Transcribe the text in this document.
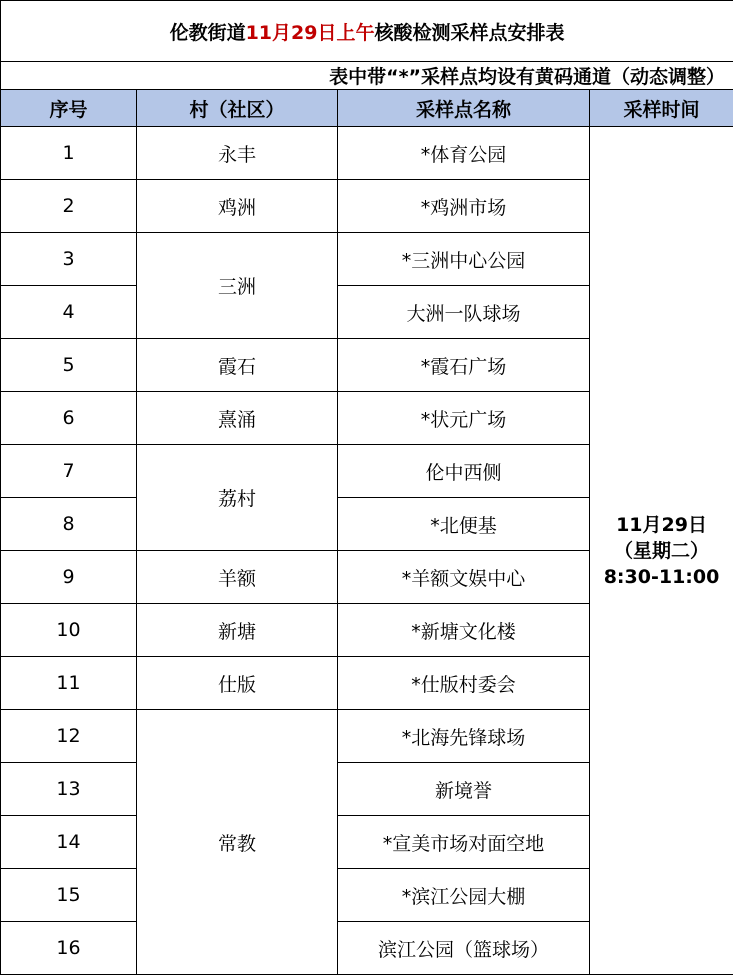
伦教街道11月29日上午核酸检测采样点安排表			
表中带“*”采样点均设有黄码通道（动态调整）			
序号	村（社区）	采样点名称	采样时间
1	永丰	*体育公园	11月29日
（星期二）
8:30-11:00

2	鸡洲	*鸡洲市场	
3	三洲	*三洲中心公园	
4		大洲一队球场	
5	霞石	*霞石广场	
6	熹涌	*状元广场	
7	荔村	伦中西侧	
8		*北便基	
9	羊额	*羊额文娱中心	
10	新塘	*新塘文化楼	
11	仕版	*仕版村委会	
12	常教	*北海先锋球场	
13		新境誉	
14		*宣美市场对面空地	
15		*滨江公园大棚	
16		滨江公园（篮球场）	
